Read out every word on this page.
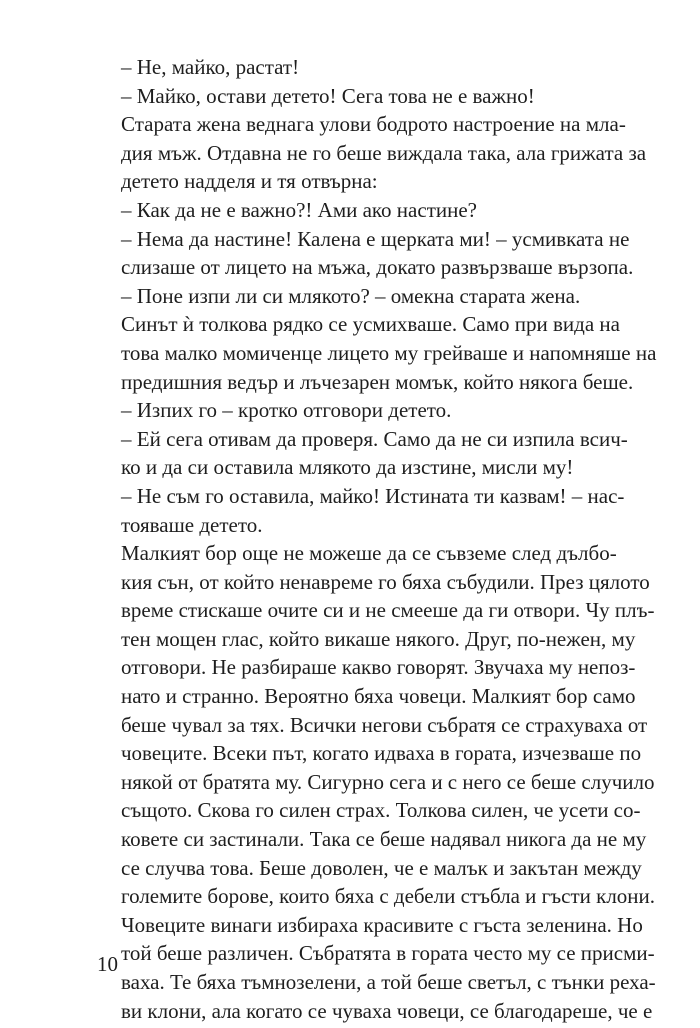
– Не, майко, растат!

– Майко, остави детето! Сега това не е важно!

Старата жена веднага улови бодрото настроение на мла-
дия мъж. Отдавна не го беше виждала така, ала грижата за
детето надделя и тя отвърна:

– Как да не е важно?! Ами ако настине?

– Нема да настине! Калена е щерката ми! – усмивката не
слизаше от лицето на мъжа, докато развързваше вързопа.

– Поне изпи ли си млякото? – омекна старата жена.

Синът ѝ толкова рядко се усмихваше. Само при вида на
това малко момиченце лицето му грейваше и напомняше на
предишния ведър и лъчезарен момък, който някога беше.

– Изпих го – кротко отговори детето.

– Ей сега отивам да проверя. Само да не си изпила всич-
ко и да си оставила млякото да изстине, мисли му!

– Не съм го оставила, майко! Истината ти казвам! – нас-
тояваше детето.

Малкият бор още не можеше да се съвземе след дълбо-
кия сън, от който ненавреме го бяха събудили. През цялото
време стискаше очите си и не смееше да ги отвори. Чу плъ-
тен мощен глас, който викаше някого. Друг, по-нежен, му
отговори. Не разбираше какво говорят. Звучаха му непоз-
нато и странно. Вероятно бяха човеци. Малкият бор само
беше чувал за тях. Всички негови събратя се страхуваха от
човеците. Всеки път, когато идваха в гората, изчезваше по
някой от братята му. Сигурно сега и с него се беше случило
същото. Скова го силен страх. Толкова силен, че усети со-
ковете си застинали. Така се беше надявал никога да не му
се случва това. Беше доволен, че е малък и закътан между
големите борове, които бяха с дебели стъбла и гъсти клони.
Човеците винаги избираха красивите с гъста зеленина. Но
той беше различен. Събратята в гората често му се присми-
ваха. Те бяха тъмнозелени, а той беше светъл, с тънки реха-
ви клони, ала когато се чуваха човеци, се благодареше, че е

10
